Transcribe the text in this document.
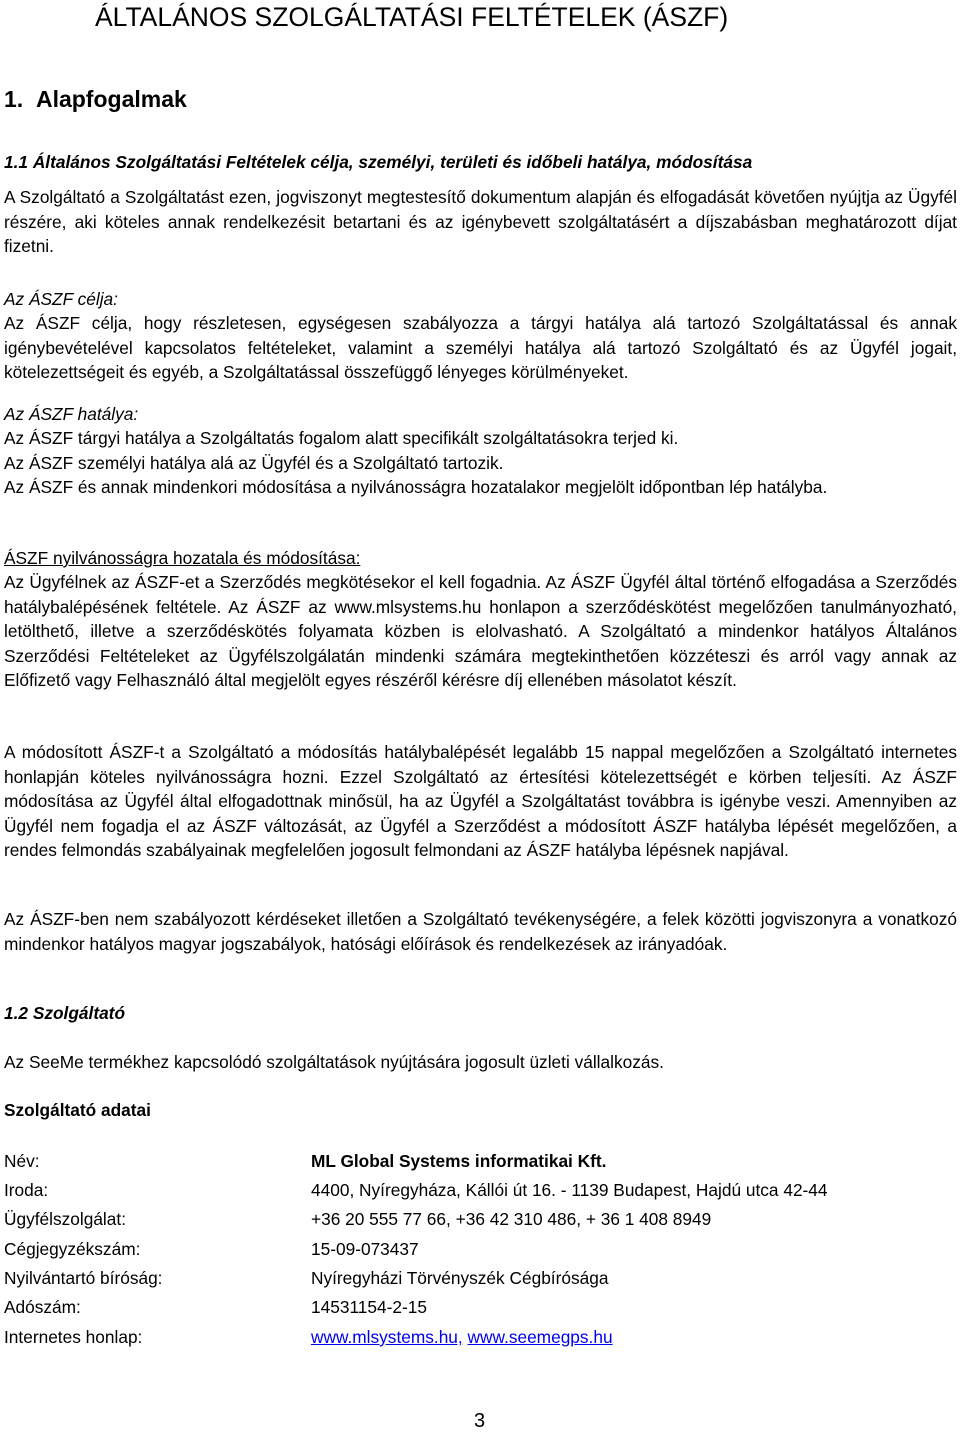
ÁLTALÁNOS SZOLGÁLTATÁSI FELTÉTELEK (ÁSZF)
1. Alapfogalmak
1.1 Általános Szolgáltatási Feltételek célja, személyi, területi és időbeli hatálya, módosítása

A Szolgáltató a Szolgáltatást ezen, jogviszonyt megtestesítő dokumentum alapján és elfogadását követően nyújtja az Ügyfél részére, aki köteles annak rendelkezésit betartani és az igénybevett szolgáltatásért a díjszabásban meghatározott díjat fizetni.

Az ÁSZF célja:

Az ÁSZF célja, hogy részletesen, egységesen szabályozza a tárgyi hatálya alá tartozó Szolgáltatással és annak igénybevételével kapcsolatos feltételeket, valamint a személyi hatálya alá tartozó Szolgáltató és az Ügyfél jogait, kötelezettségeit és egyéb, a Szolgáltatással összefüggő lényeges körülményeket.

Az ÁSZF hatálya:

Az ÁSZF tárgyi hatálya a Szolgáltatás fogalom alatt specifikált szolgáltatásokra terjed ki.
Az ÁSZF személyi hatálya alá az Ügyfél és a Szolgáltató tartozik.
Az ÁSZF és annak mindenkori módosítása a nyilvánosságra hozatalakor megjelölt időpontban lép hatályba.

ÁSZF nyilvánosságra hozatala és módosítása:

Az Ügyfélnek az ÁSZF-et a Szerződés megkötésekor el kell fogadnia. Az ÁSZF Ügyfél által történő elfogadása a Szerződés hatálybalépésének feltétele. Az ÁSZF az www.mlsystems.hu honlapon a szerződéskötést megelőzően tanulmányozható, letölthető, illetve a szerződéskötés folyamata közben is elolvasható. A Szolgáltató a mindenkor hatályos Általános Szerződési Feltételeket az Ügyfélszolgálatán mindenki számára megtekinthetően közzéteszi és arról vagy annak az Előfizető vagy Felhasználó által megjelölt egyes részéről kérésre díj ellenében másolatot készít.

A módosított ÁSZF-t a Szolgáltató a módosítás hatálybalépését legalább 15 nappal megelőzően a Szolgáltató internetes honlapján köteles nyilvánosságra hozni. Ezzel Szolgáltató az értesítési kötelezettségét e körben teljesíti. Az ÁSZF módosítása az Ügyfél által elfogadottnak minősül, ha az Ügyfél a Szolgáltatást továbbra is igénybe veszi. Amennyiben az Ügyfél nem fogadja el az ÁSZF változását, az Ügyfél a Szerződést a módosított ÁSZF hatályba lépését megelőzően, a rendes felmondás szabályainak megfelelően jogosult felmondani az ÁSZF hatályba lépésnek napjával.

Az ÁSZF-ben nem szabályozott kérdéseket illetően a Szolgáltató tevékenységére, a felek közötti jogviszonyra a vonatkozó mindenkor hatályos magyar jogszabályok, hatósági előírások és rendelkezések az irányadóak.

1.2 Szolgáltató

Az SeeMe termékhez kapcsolódó szolgáltatások nyújtására jogosult üzleti vállalkozás.

Szolgáltató adatai

Név:	ML Global Systems informatikai Kft.
Iroda:	4400, Nyíregyháza, Kállói út 16. - 1139 Budapest, Hajdú utca 42-44
Ügyfélszolgálat:	+36 20 555 77 66, +36 42 310 486, + 36 1 408 8949
Cégjegyzékszám:	15-09-073437
Nyilvántartó bíróság:	Nyíregyházi Törvényszék Cégbírósága
Adószám:	14531154-2-15
Internetes honlap:	www.mlsystems.hu, www.seemegps.hu
3
